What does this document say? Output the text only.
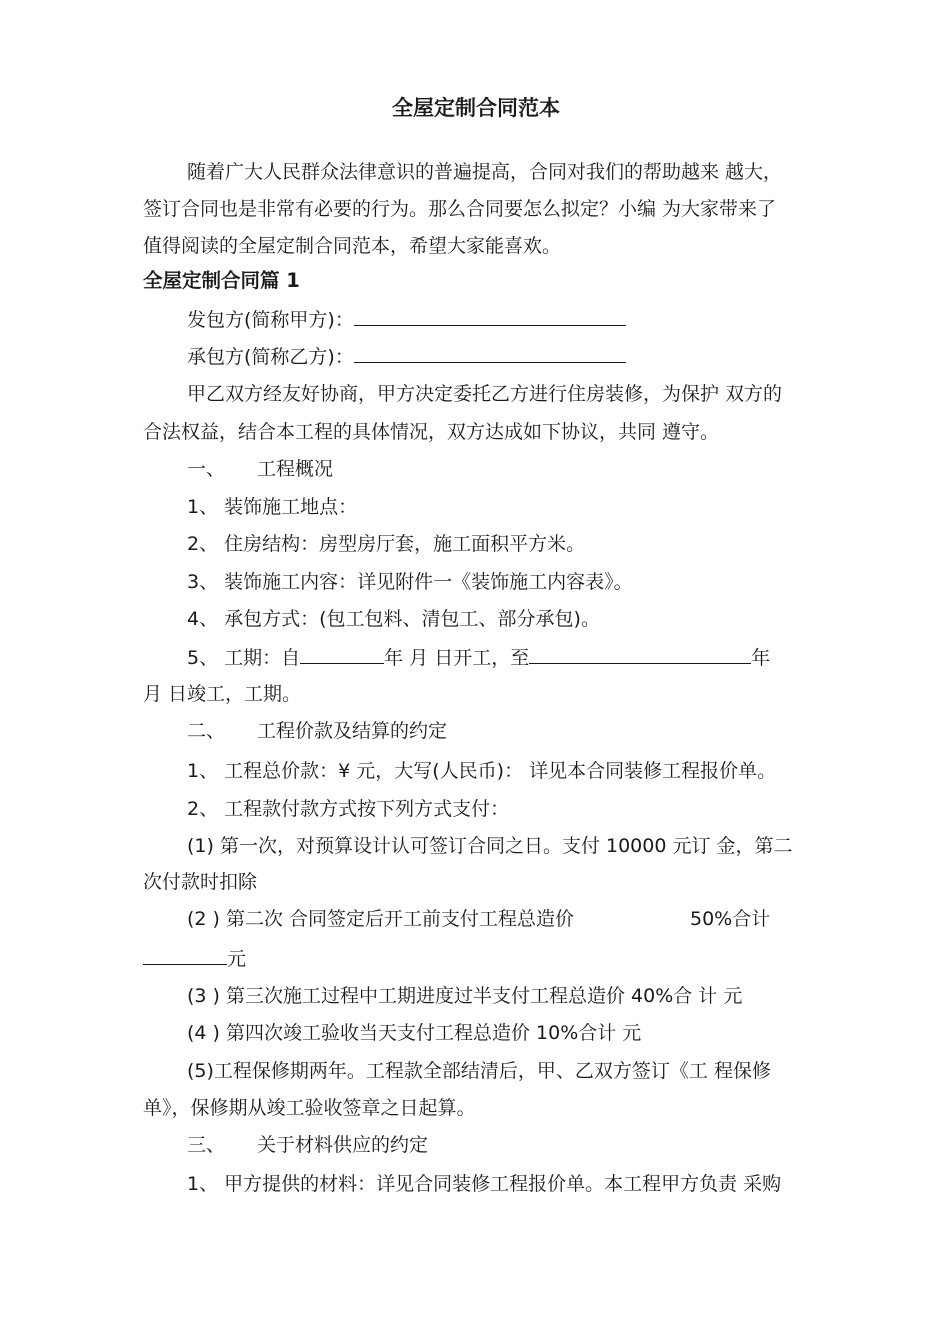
全屋定制合同范本
随着广大人民群众法律意识的普遍提高，合同对我们的帮助越来 越大，
签订合同也是非常有必要的行为。那么合同要怎么拟定？小编 为大家带来了
值得阅读的全屋定制合同范本，希望大家能喜欢。
全屋定制合同篇 1
发包方(简称甲方)：
承包方(简称乙方)：
甲乙双方经友好协商，甲方决定委托乙方进行住房装修，为保护 双方的
合法权益，结合本工程的具体情况，双方达成如下协议，共同 遵守。
一、 工程概况
1、 装饰施工地点：
2、 住房结构：房型房厅套，施工面积平方米。
3、 装饰施工内容：详见附件一《装饰施工内容表》。
4、 承包方式：(包工包料、清包工、部分承包)。
5、 工期：自	年 月 日开工，至	年
月 日竣工，工期。
二、 工程价款及结算的约定
1、 工程总价款：¥ 元，大写(人民币)： 详见本合同装修工程报价单。
2、 工程款付款方式按下列方式支付：
(1) 第一次，对预算设计认可签订合同之日。支付 10000 元订 金，第二
次付款时扣除
(2 ) 第二次 合同签定后开工前支付工程总造价	50%合计
元
(3 ) 第三次施工过程中工期进度过半支付工程总造价 40%合 计 元
(4 ) 第四次竣工验收当天支付工程总造价 10%合计 元
(5)工程保修期两年。工程款全部结清后，甲、乙双方签订《工 程保修
单》，保修期从竣工验收签章之日起算。
三、 关于材料供应的约定
1、 甲方提供的材料：详见合同装修工程报价单。本工程甲方负责 采购
